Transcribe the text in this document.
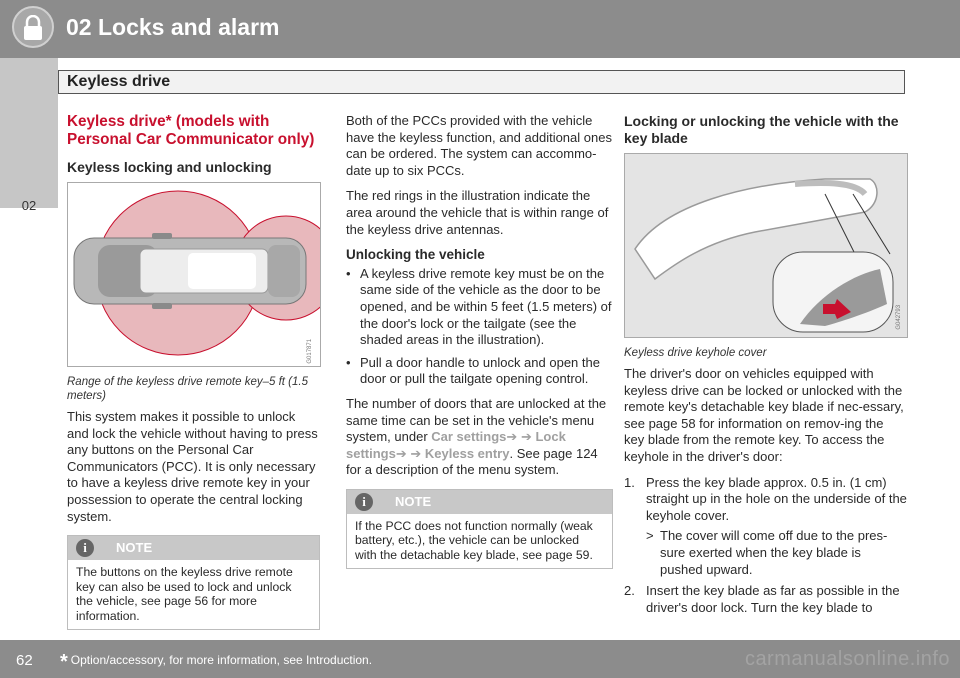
02 Locks and alarm
02
Keyless drive
Keyless drive* (models with Personal Car Communicator only)
Keyless locking and unlocking
G017871
Range of the keyless drive remote key–5 ft (1.5 meters)

This system makes it possible to unlock and lock the vehicle without having to press any buttons on the Personal Car Communicators (PCC). It is only necessary to have a keyless drive remote key in your possession to operate the central locking system.

i	NOTE
The buttons on the keyless drive remote key can also be used to lock and unlock the vehicle, see page 56 for more information.

Both of the PCCs provided with the vehicle have the keyless function, and additional ones can be ordered. The system can accommo-date up to six PCCs.

The red rings in the illustration indicate the area around the vehicle that is within range of the keyless drive antennas.

Unlocking the vehicle
• A keyless drive remote key must be on the same side of the vehicle as the door to be opened, and be within 5 feet (1.5 meters) of the door's lock or the tailgate (see the shaded areas in the illustration).
• Pull a door handle to unlock and open the door or pull the tailgate opening control.

The number of doors that are unlocked at the same time can be set in the vehicle's menu system, under Car settings➔ ➔ Lock settings➔ ➔ Keyless entry. See page 124 for a description of the menu system.

i	NOTE
If the PCC does not function normally (weak battery, etc.), the vehicle can be unlocked with the detachable key blade, see page 59.
Locking or unlocking the vehicle with the key blade
G042793
Keyless drive keyhole cover

The driver's door on vehicles equipped with keyless drive can be locked or unlocked with the remote key's detachable key blade if nec-essary, see page 58 for information on remov-ing the key blade from the remote key. To access the keyhole in the driver's door:

1. Press the key blade approx. 0.5 in. (1 cm) straight up in the hole on the underside of the keyhole cover.
> The cover will come off due to the pres-sure exerted when the key blade is pushed upward.
2. Insert the key blade as far as possible in the driver's door lock. Turn the key blade to
62 * Option/accessory, for more information, see Introduction.	carmanualsonline.info
